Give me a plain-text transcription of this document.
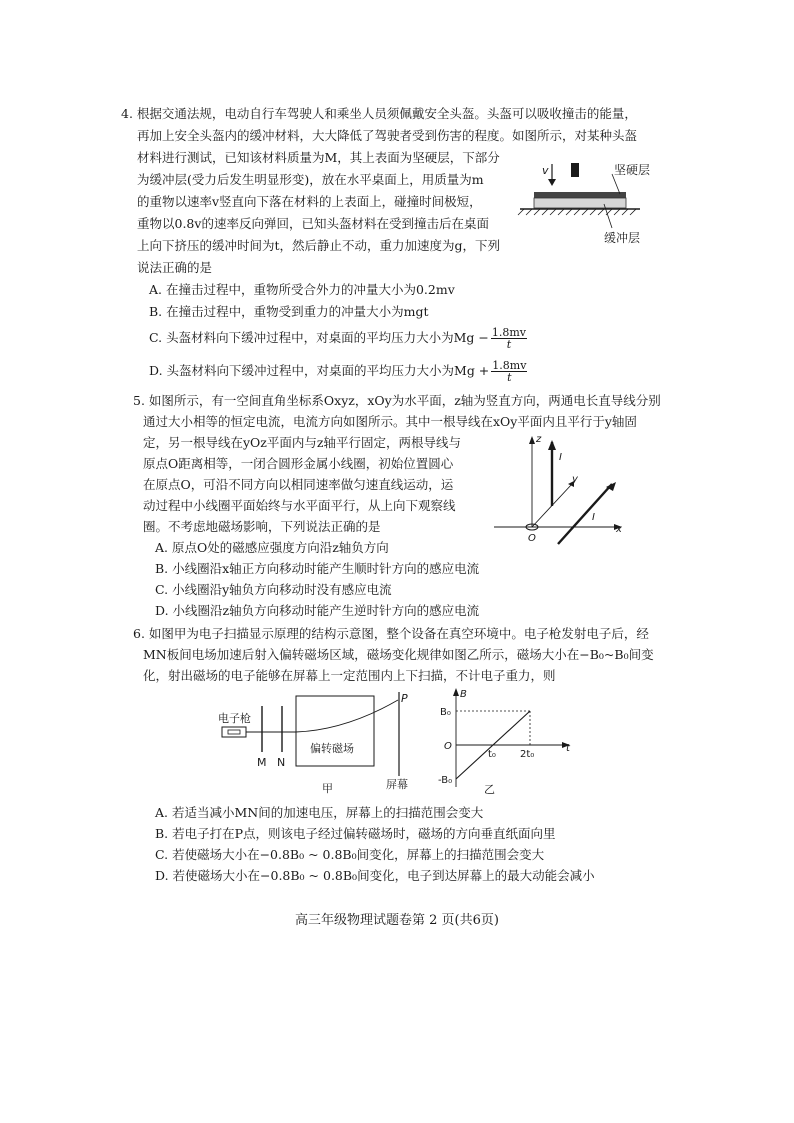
4. 根据交通法规，电动自行车驾驶人和乘坐人员须佩戴安全头盔。头盔可以吸收撞击的能量，
再加上安全头盔内的缓冲材料，大大降低了驾驶者受到伤害的程度。如图所示，对某种头盔
材料进行测试，已知该材料质量为M，其上表面为坚硬层，下部分
为缓冲层(受力后发生明显形变)，放在水平桌面上，用质量为m
的重物以速率v竖直向下落在材料的上表面上，碰撞时间极短，
重物以0.8v的速率反向弹回，已知头盔材料在受到撞击后在桌面
上向下挤压的缓冲时间为t，然后静止不动，重力加速度为g，下列
说法正确的是
v	坚硬层
缓冲层
A. 在撞击过程中，重物所受合外力的冲量大小为0.2mv
B. 在撞击过程中，重物受到重力的冲量大小为mgt
C. 头盔材料向下缓冲过程中，对桌面的平均压力大小为$Mg - \frac{1.8mv}{t}$
D. 头盔材料向下缓冲过程中，对桌面的平均压力大小为$Mg + \frac{1.8mv}{t}$
5. 如图所示，有一空间直角坐标系Oxyz，xOy为水平面，z轴为竖直方向，两通电长直导线分别
通过大小相等的恒定电流，电流方向如图所示。其中一根导线在xOy平面内且平行于y轴固
定，另一根导线在yOz平面内与z轴平行固定，两根导线与
原点O距离相等，一闭合圆形金属小线圈，初始位置圆心
在原点O，可沿不同方向以相同速率做匀速直线运动，运
动过程中小线圈平面始终与水平面平行，从上向下观察线
圈。不考虑地磁场影响，下列说法正确的是
z
x
y
O
I
I
A. 原点O处的磁感应强度方向沿z轴负方向
B. 小线圈沿x轴正方向移动时能产生顺时针方向的感应电流
C. 小线圈沿y轴负方向移动时没有感应电流
D. 小线圈沿z轴负方向移动时能产生逆时针方向的感应电流
6. 如图甲为电子扫描显示原理的结构示意图，整个设备在真空环境中。电子枪发射电子后，经
MN板间电场加速后射入偏转磁场区域，磁场变化规律如图乙所示，磁场大小在−B₀~B₀间变
化，射出磁场的电子能够在屏幕上一定范围内上下扫描，不计电子重力，则
电子枪
M N
偏转磁场
P
屏幕
甲
B
t
O
B₀
-B₀
t₀ 2t₀
乙
A. 若适当减小MN间的加速电压，屏幕上的扫描范围会变大
B. 若电子打在P点，则该电子经过偏转磁场时，磁场的方向垂直纸面向里
C. 若使磁场大小在−0.8B₀ ~ 0.8B₀间变化，屏幕上的扫描范围会变大
D. 若使磁场大小在−0.8B₀ ~ 0.8B₀间变化，电子到达屏幕上的最大动能会减小
高三年级物理试题卷第 2 页(共6页)
